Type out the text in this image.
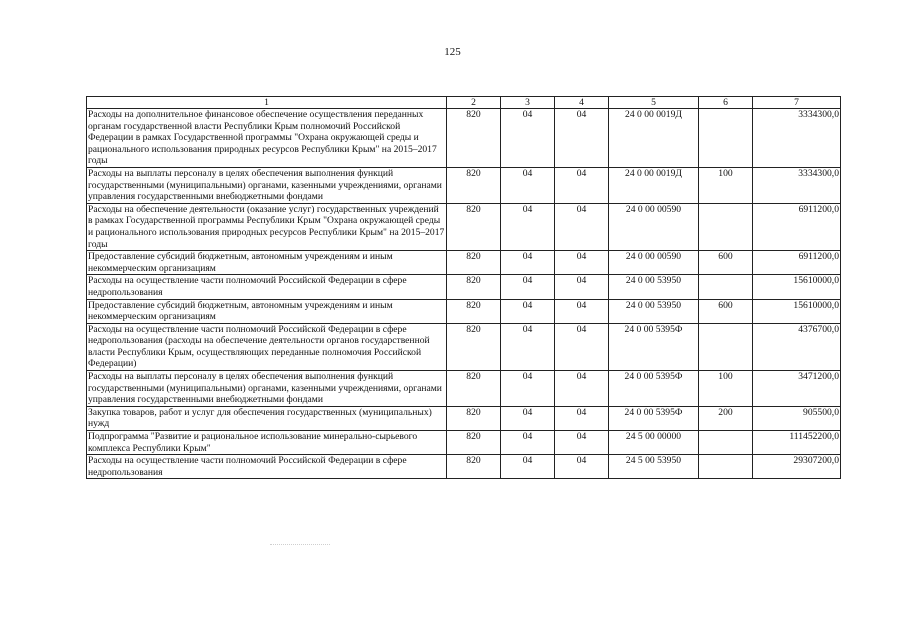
125
1	2	3	4	5	6	7
Расходы на дополнительное финансовое обеспечение осуществления переданных органам государственной власти Республики Крым полномочий Российской Федерации в рамках Государственной программы "Охрана окружающей среды и рационального использования природных ресурсов Республики Крым" на 2015–2017 годы	820	04	04	24 0 00 0019Д		3334300,0
Расходы на выплаты персоналу в целях обеспечения выполнения функций государственными (муниципальными) органами, казенными учреждениями, органами управления государственными внебюджетными фондами	820	04	04	24 0 00 0019Д	100	3334300,0
Расходы на обеспечение деятельности (оказание услуг) государственных учреждений в рамках Государственной программы Республики Крым "Охрана окружающей среды и рационального использования природных ресурсов Республики Крым" на 2015–2017 годы	820	04	04	24 0 00 00590		6911200,0
Предоставление субсидий бюджетным, автономным учреждениям и иным некоммерческим организациям	820	04	04	24 0 00 00590	600	6911200,0
Расходы на осуществление части полномочий Российской Федерации в сфере недропользования	820	04	04	24 0 00 53950		15610000,0
Предоставление субсидий бюджетным, автономным учреждениям и иным некоммерческим организациям	820	04	04	24 0 00 53950	600	15610000,0
Расходы на осуществление части полномочий Российской Федерации в сфере недропользования (расходы на обеспечение деятельности органов государственной власти Республики Крым, осуществляющих переданные полномочия Российской Федерации)	820	04	04	24 0 00 5395Ф		4376700,0
Расходы на выплаты персоналу в целях обеспечения выполнения функций государственными (муниципальными) органами, казенными учреждениями, органами управления государственными внебюджетными фондами	820	04	04	24 0 00 5395Ф	100	3471200,0
Закупка товаров, работ и услуг для обеспечения государственных (муниципальных) нужд	820	04	04	24 0 00 5395Ф	200	905500,0
Подпрограмма "Развитие и рациональное использование минерально-сырьевого комплекса Республики Крым"	820	04	04	24 5 00 00000		111452200,0
Расходы на осуществление части полномочий Российской Федерации в сфере недропользования	820	04	04	24 5 00 53950		29307200,0
